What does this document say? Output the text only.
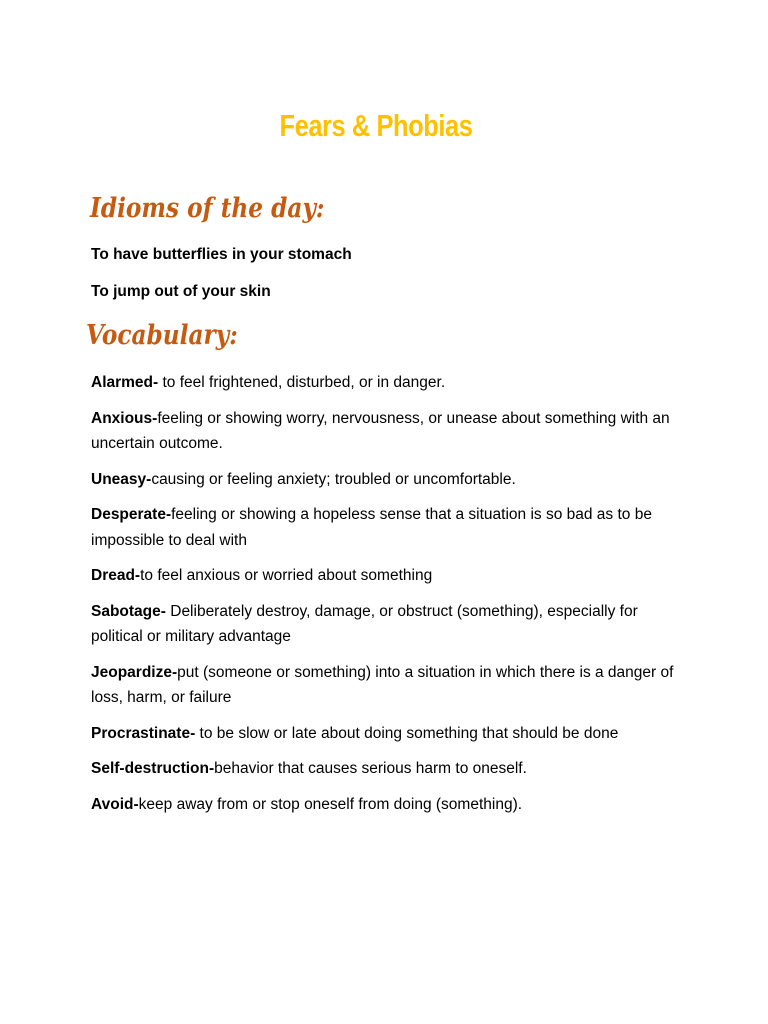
Fears & Phobias
Idioms of the day:
To have butterflies in your stomach
To jump out of your skin
Vocabulary:
Alarmed- to feel frightened, disturbed, or in danger.
Anxious-feeling or showing worry, nervousness, or unease about something with an uncertain outcome.
Uneasy-causing or feeling anxiety; troubled or uncomfortable.
Desperate-feeling or showing a hopeless sense that a situation is so bad as to be impossible to deal with
Dread-to feel anxious or worried about something
Sabotage- Deliberately destroy, damage, or obstruct (something), especially for political or military advantage
Jeopardize-put (someone or something) into a situation in which there is a danger of loss, harm, or failure
Procrastinate- to be slow or late about doing something that should be done
Self-destruction-behavior that causes serious harm to oneself.
Avoid-keep away from or stop oneself from doing (something).
